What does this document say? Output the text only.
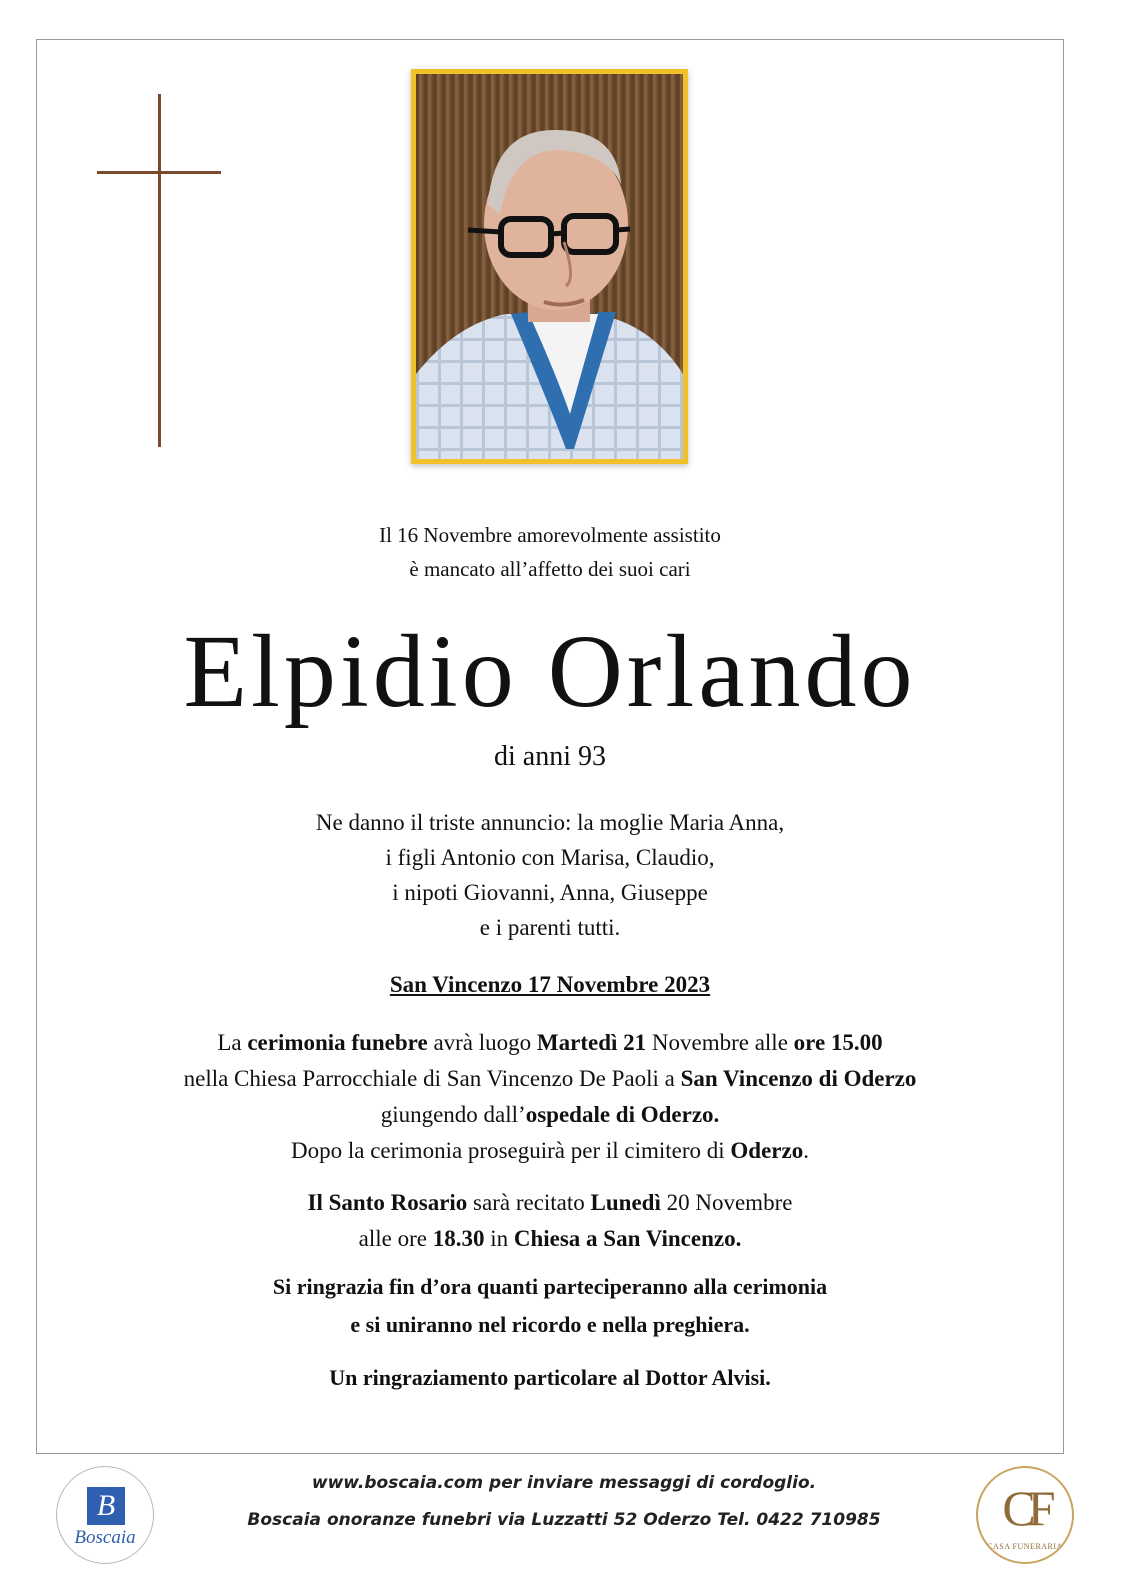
Il 16 Novembre amorevolmente assistito
è mancato all’affetto dei suoi cari
Elpidio Orlando
di anni 93
Ne danno il triste annuncio: la moglie Maria Anna,
i figli Antonio con Marisa, Claudio,
i nipoti Giovanni, Anna, Giuseppe
e i parenti tutti.
San Vincenzo 17 Novembre 2023
La cerimonia funebre avrà luogo Martedì 21 Novembre alle ore 15.00
nella Chiesa Parrocchiale di San Vincenzo De Paoli a San Vincenzo di Oderzo
giungendo dall’ospedale di Oderzo.
Dopo la cerimonia proseguirà per il cimitero di Oderzo.
Il Santo Rosario sarà recitato Lunedì 20 Novembre
alle ore 18.30 in Chiesa a San Vincenzo.
Si ringrazia fin d’ora quanti parteciperanno alla cerimonia
e si uniranno nel ricordo e nella preghiera.
Un ringraziamento particolare al Dottor Alvisi.
B
Boscaia
www.boscaia.com per inviare messaggi di cordoglio.
Boscaia onoranze funebri via Luzzatti 52 Oderzo Tel. 0422 710985	CF
CASA FUNERARIA
